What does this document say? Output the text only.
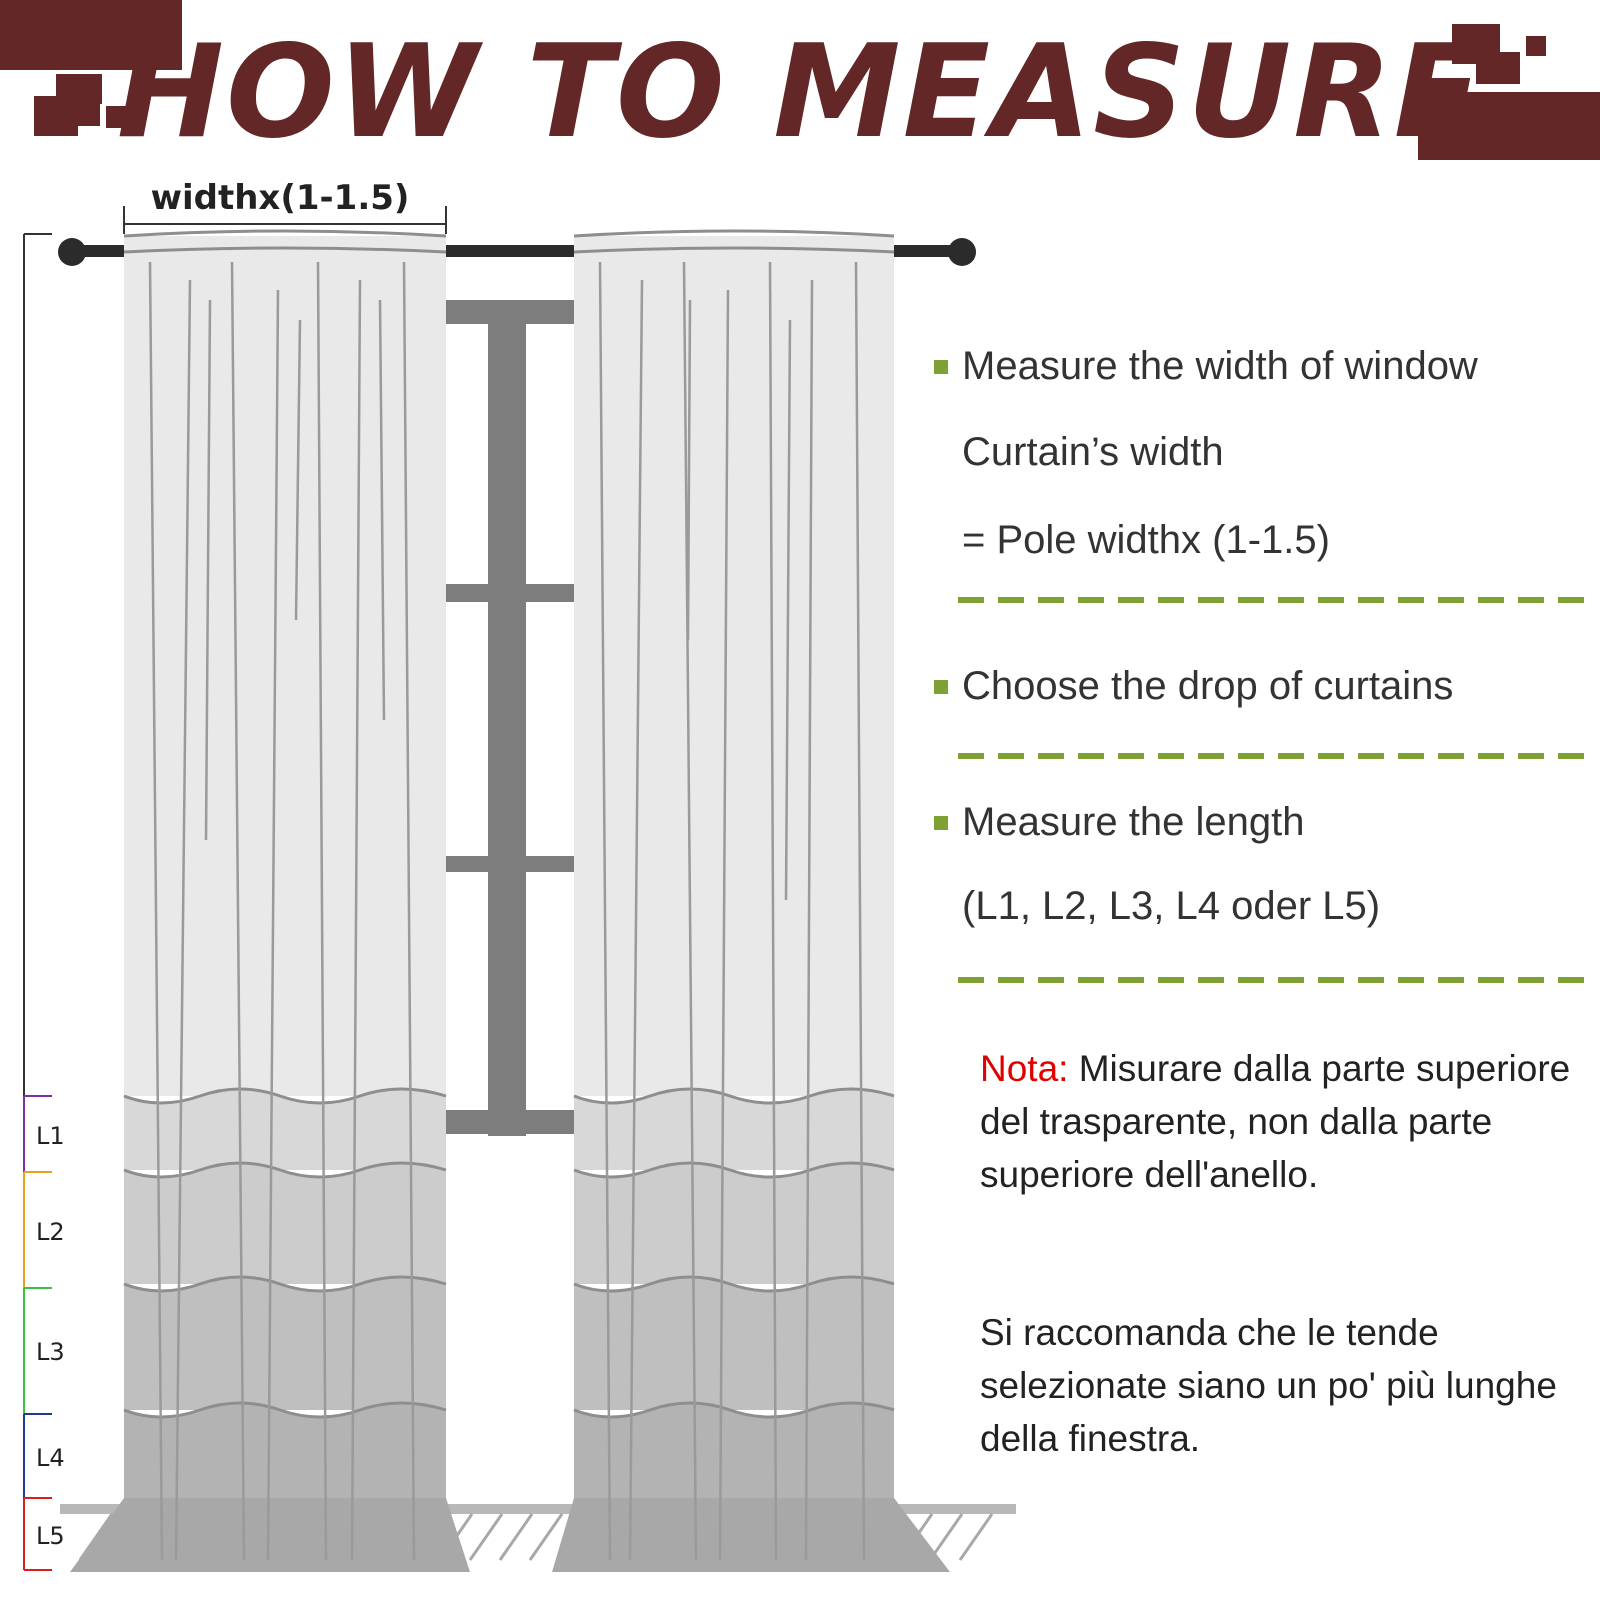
HOW TO MEASURE
widthx(1-1.5)
L1
L2
L3
L4
L5
Measure the width of window
Curtain’s width
= Pole widthx (1-1.5)
Choose the drop of curtains
Measure the length
(L1, L2, L3, L4 oder L5)

Nota: Misurare dalla parte superiore del trasparente, non dalla parte superiore dell'anello.

Si raccomanda che le tende selezionate siano un po' più lunghe della finestra.
